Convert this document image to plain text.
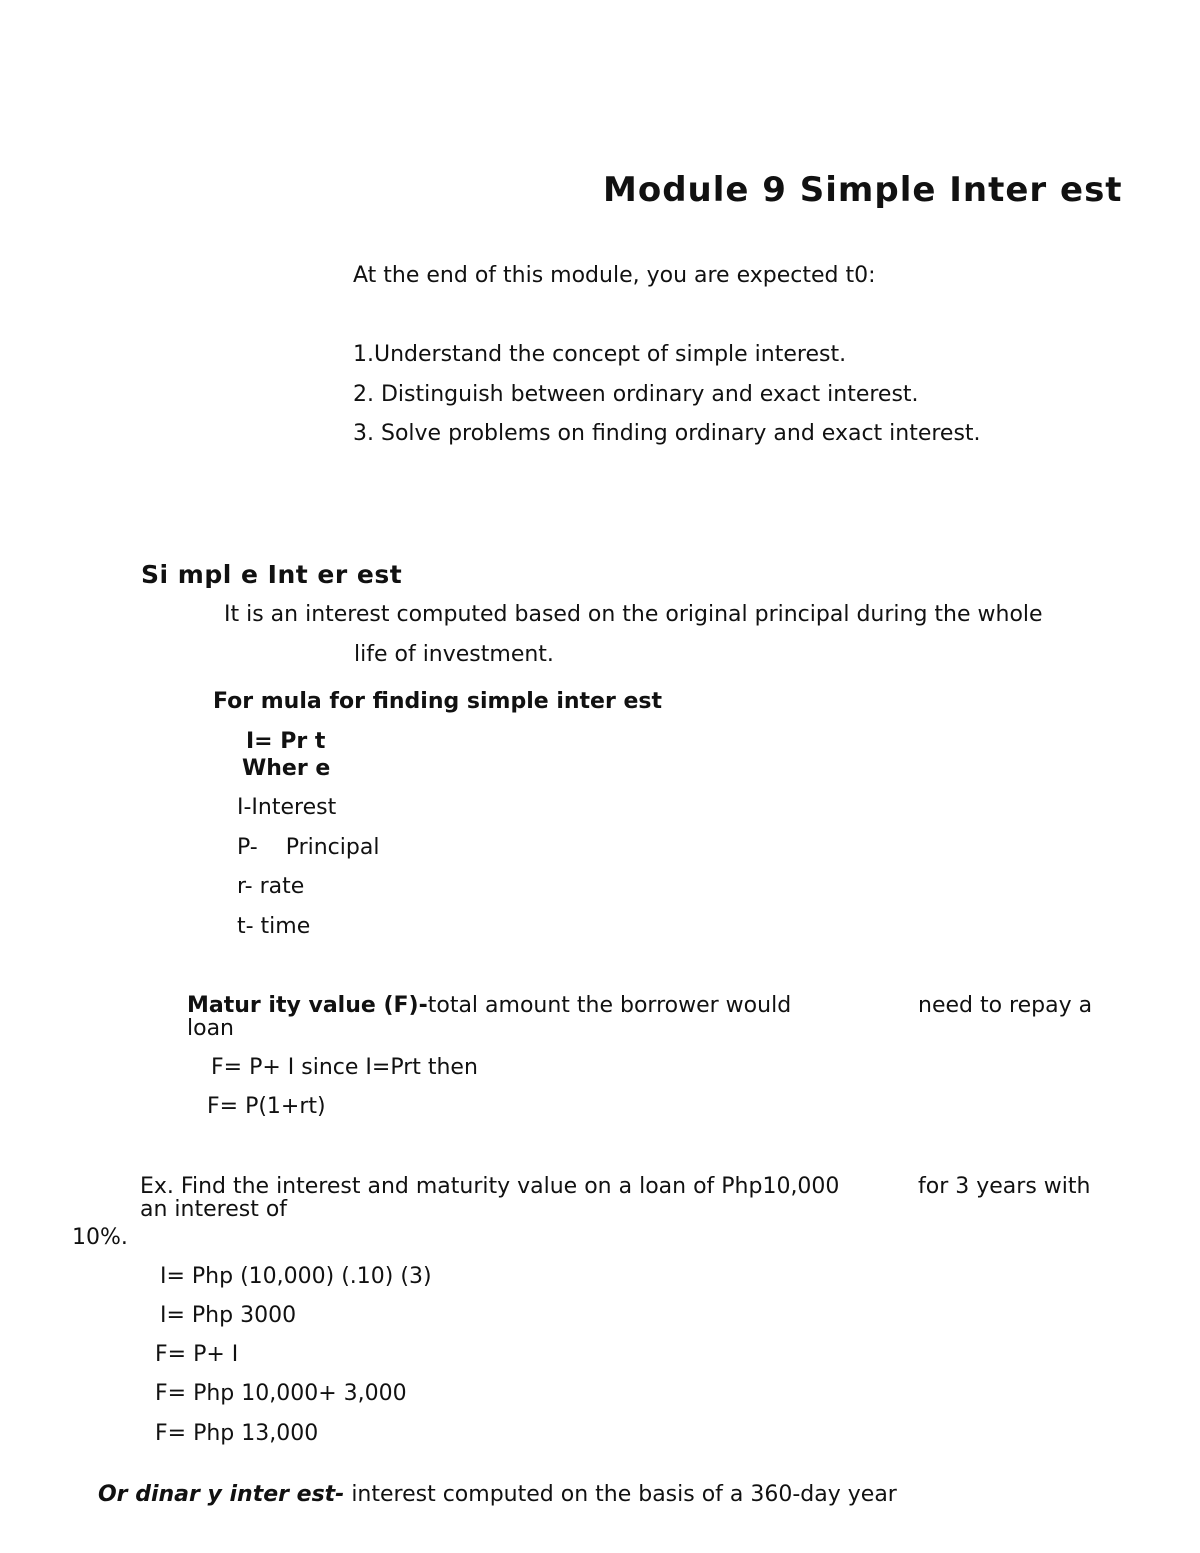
Module 9 Simple Inter est
At the end of this module, you are expected t0:
1.Understand the concept of simple interest.
2. Distinguish between ordinary and exact interest.
3. Solve problems on finding ordinary and exact interest.
Si mpl e Int er est
It is an interest computed based on the original principal during the whole
life of investment.
For mula for finding simple inter est
I= Pr t
Wher e
I-Interest
P-    Principal
r- rate
t- time
Matur ity value (F)-total amount the borrower would	need to repay a
loan
F= P+ I since I=Prt then
F= P(1+rt)
Ex. Find the interest and maturity value on a loan of Php10,000	for 3 years with
an interest of
10%.
I= Php (10,000) (.10) (3)
I= Php 3000
F= P+ I
F= Php 10,000+ 3,000
F= Php 13,000

Or dinar y inter est- interest computed on the basis of a 360-day year
